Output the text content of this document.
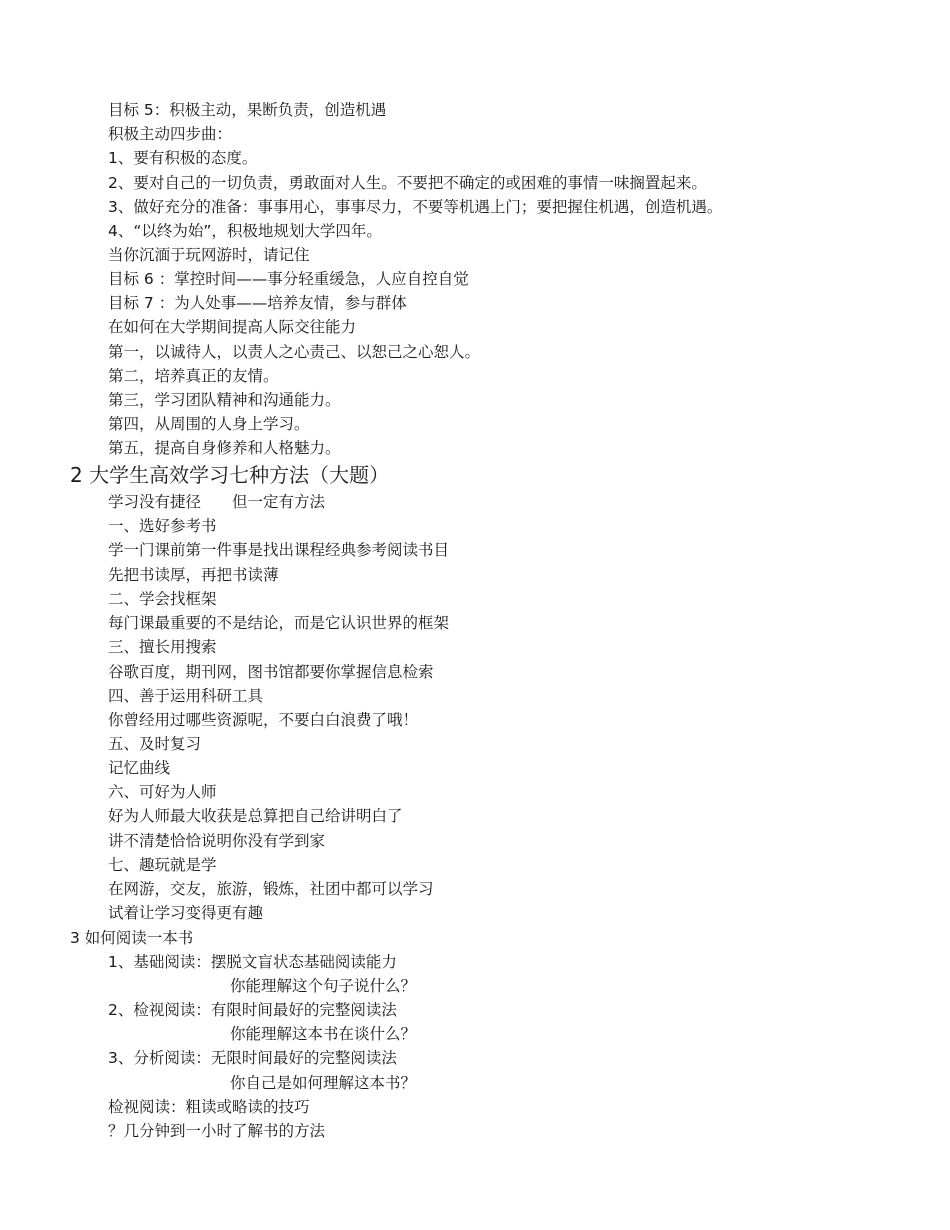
目标 5：积极主动，果断负责，创造机遇
积极主动四步曲：
1、要有积极的态度。
2、要对自己的一切负责，勇敢面对人生。不要把不确定的或困难的事情一味搁置起来。
3、做好充分的准备：事事用心，事事尽力，不要等机遇上门；要把握住机遇，创造机遇。
4、“以终为始”，积极地规划大学四年。
当你沉湎于玩网游时，请记住
目标 6 ：掌控时间——事分轻重缓急，人应自控自觉
目标 7 ：为人处事——培养友情，参与群体
在如何在大学期间提高人际交往能力
第一，以诚待人，以责人之心责己、以恕己之心恕人。
第二，培养真正的友情。
第三，学习团队精神和沟通能力。
第四，从周围的人身上学习。
第五，提高自身修养和人格魅力。
2 大学生高效学习七种方法（大题）
学习没有捷径　　但一定有方法
一、选好参考书
学一门课前第一件事是找出课程经典参考阅读书目
先把书读厚，再把书读薄
二、学会找框架
每门课最重要的不是结论，而是它认识世界的框架
三、擅长用搜索
谷歌百度，期刊网，图书馆都要你掌握信息检索
四、善于运用科研工具
你曾经用过哪些资源呢，不要白白浪费了哦！
五、及时复习
记忆曲线
六、可好为人师
好为人师最大收获是总算把自己给讲明白了
讲不清楚恰恰说明你没有学到家
七、趣玩就是学
在网游，交友，旅游，锻炼，社团中都可以学习
试着让学习变得更有趣
3 如何阅读一本书
1、基础阅读：摆脱文盲状态基础阅读能力
你能理解这个句子说什么？
2、检视阅读：有限时间最好的完整阅读法
你能理解这本书在谈什么？
3、分析阅读：无限时间最好的完整阅读法
你自己是如何理解这本书？
检视阅读：粗读或略读的技巧
？几分钟到一小时了解书的方法
